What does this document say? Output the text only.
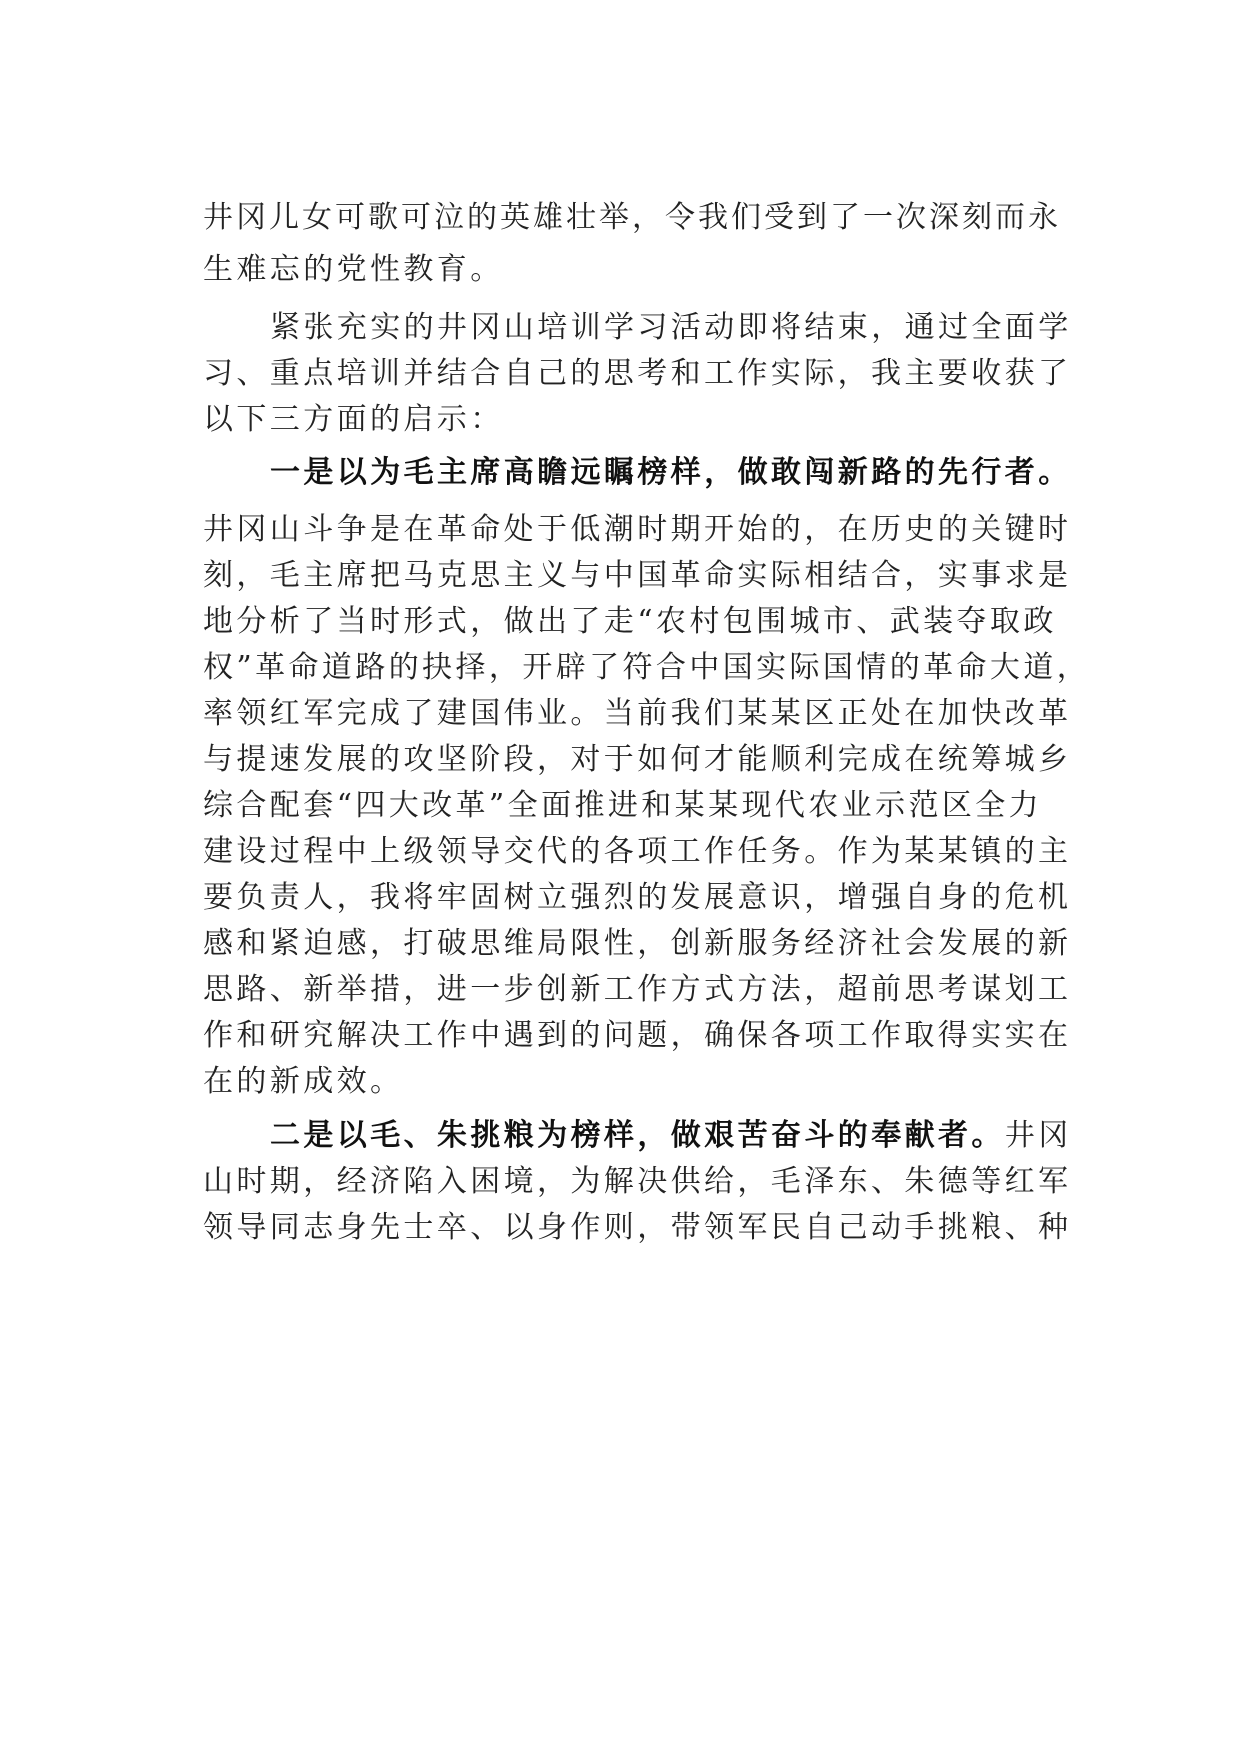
井冈儿女可歌可泣的英雄壮举，令我们受到了一次深刻而永
生难忘的党性教育。
紧张充实的井冈山培训学习活动即将结束，通过全面学
习、重点培训并结合自己的思考和工作实际，我主要收获了
以下三方面的启示：
一是以为毛主席高瞻远瞩榜样，做敢闯新路的先行者。
井冈山斗争是在革命处于低潮时期开始的，在历史的关键时
刻，毛主席把马克思主义与中国革命实际相结合，实事求是
地分析了当时形式，做出了走“农村包围城市、武装夺取政
权”革命道路的抉择，开辟了符合中国实际国情的革命大道，
率领红军完成了建国伟业。当前我们某某区正处在加快改革
与提速发展的攻坚阶段，对于如何才能顺利完成在统筹城乡
综合配套“四大改革”全面推进和某某现代农业示范区全力
建设过程中上级领导交代的各项工作任务。作为某某镇的主
要负责人，我将牢固树立强烈的发展意识，增强自身的危机
感和紧迫感，打破思维局限性，创新服务经济社会发展的新
思路、新举措，进一步创新工作方式方法，超前思考谋划工
作和研究解决工作中遇到的问题，确保各项工作取得实实在
在的新成效。
二是以毛、朱挑粮为榜样，做艰苦奋斗的奉献者。井冈
山时期，经济陷入困境，为解决供给，毛泽东、朱德等红军
领导同志身先士卒、以身作则，带领军民自己动手挑粮、种
